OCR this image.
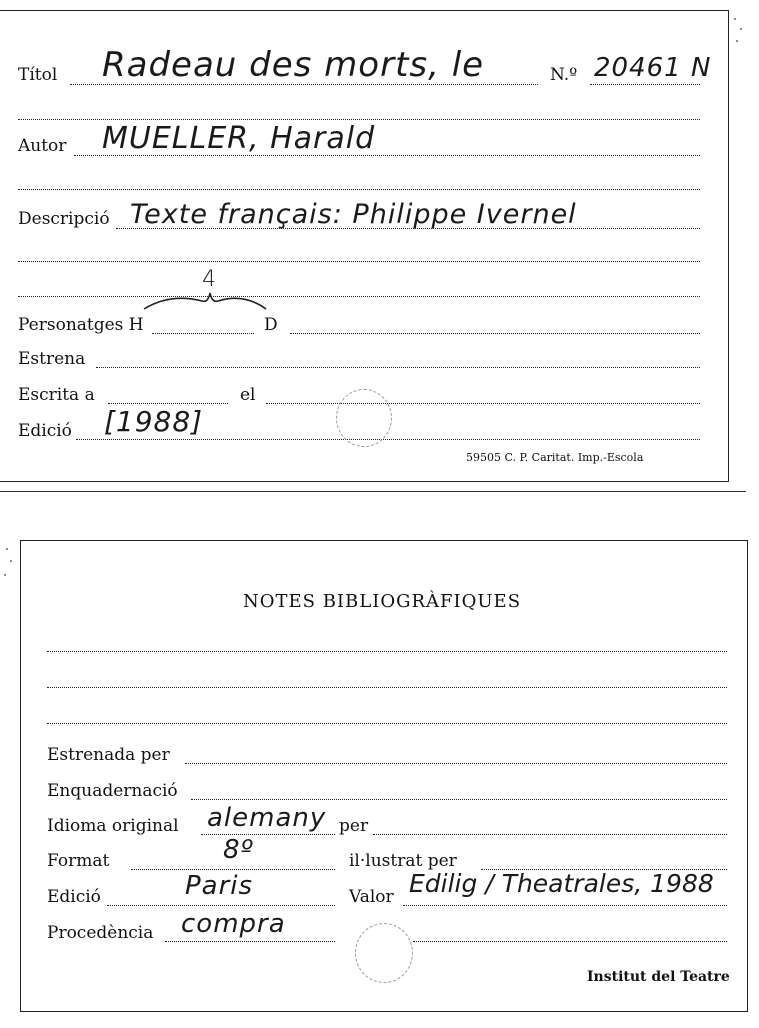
Títol Radeau des morts, le	N.º 20461 N
Autor MUELLER, Harald
Descripció Texte français: Philippe Ivernel
4
Personatges H	D
Estrena
Escrita a	el
Edició [1988]
59505 C. P. Caritat. Imp.-Escola
NOTES BIBLIOGRÀFIQUES
Estrenada per
Enquadernació
Idioma original alemany per
Format	8º	il·lustrat per
Edició	Paris	Valor Edilig / Theatrales, 1988
Procedència compra
Institut del Teatre
